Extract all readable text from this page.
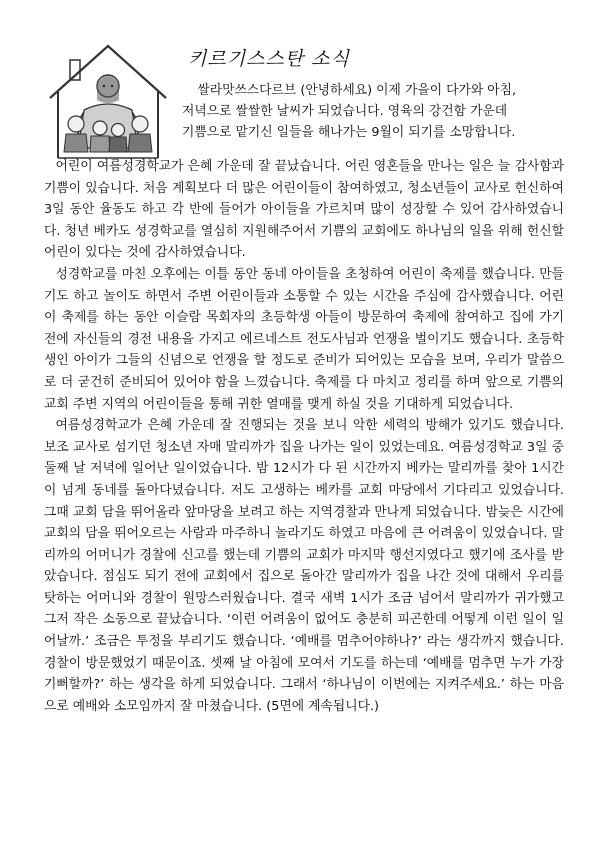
키르기스스탄 소식

쌀라맛쓰스다르브 (안녕하세요) 이제 가을이 다가와 아침,

저녁으로 쌀쌀한 날씨가 되었습니다. 영육의 강건함 가운데

기쁨으로 맡기신 일들을 해나가는 9월이 되기를 소망합니다.

어린이 여름성경학교가 은혜 가운데 잘 끝났습니다. 어린 영혼들을 만나는 일은 늘 감사함과 기쁨이 있습니다. 처음 계획보다 더 많은 어린이들이 참여하였고, 청소년들이 교사로 헌신하여 3일 동안 율동도 하고 각 반에 들어가 아이들을 가르치며 많이 성장할 수 있어 감사하였습니다. 청년 베카도 성경학교를 열심히 지원해주어서 기쁨의 교회에도 하나님의 일을 위해 헌신할 어린이 있다는 것에 감사하였습니다.

성경학교를 마친 오후에는 이틀 동안 동네 아이들을 초청하여 어린이 축제를 했습니다. 만들기도 하고 놀이도 하면서 주변 어린이들과 소통할 수 있는 시간을 주심에 감사했습니다. 어린이 축제를 하는 동안 이슬람 목회자의 초등학생 아들이 방문하여 축제에 참여하고 집에 가기 전에 자신들의 경전 내용을 가지고 에르네스트 전도사님과 언쟁을 벌이기도 했습니다. 초등학생인 아이가 그들의 신념으로 언쟁을 할 정도로 준비가 되어있는 모습을 보며, 우리가 말씀으로 더 굳건히 준비되어 있어야 함을 느꼈습니다. 축제를 다 마치고 정리를 하며 앞으로 기쁨의 교회 주변 지역의 어린이들을 통해 귀한 열매를 맺게 하실 것을 기대하게 되었습니다.

여름성경학교가 은혜 가운데 잘 진행되는 것을 보니 악한 세력의 방해가 있기도 했습니다. 보조 교사로 섬기던 청소년 자매 말리까가 집을 나가는 일이 있었는데요. 여름성경학교 3일 중 둘째 날 저녁에 일어난 일이었습니다. 밤 12시가 다 된 시간까지 베카는 말리까를 찾아 1시간이 넘게 동네를 돌아다녔습니다. 저도 고생하는 베카를 교회 마당에서 기다리고 있었습니다. 그때 교회 담을 뛰어올라 앞마당을 보려고 하는 지역경찰과 만나게 되었습니다. 밤늦은 시간에 교회의 담을 뛰어오르는 사람과 마주하니 놀라기도 하였고 마음에 큰 어려움이 있었습니다. 말리까의 어머니가 경찰에 신고를 했는데 기쁨의 교회가 마지막 행선지였다고 했기에 조사를 받았습니다. 점심도 되기 전에 교회에서 집으로 돌아간 말리까가 집을 나간 것에 대해서 우리를 탓하는 어머니와 경찰이 원망스러웠습니다. 결국 새벽 1시가 조금 넘어서 말리까가 귀가했고 그저 작은 소동으로 끝났습니다. ‘이런 어려움이 없어도 충분히 피곤한데 어떻게 이런 일이 일어날까.’ 조금은 투정을 부리기도 했습니다. ‘예배를 멈추어야하나?’ 라는 생각까지 했습니다. 경찰이 방문했었기 때문이죠. 셋째 날 아침에 모여서 기도를 하는데 ‘예배를 멈추면 누가 가장 기뻐할까?’ 하는 생각을 하게 되었습니다. 그래서 ‘하나님이 이번에는 지켜주세요.’ 하는 마음으로 예배와 소모임까지 잘 마쳤습니다. (5면에 계속됩니다.)
